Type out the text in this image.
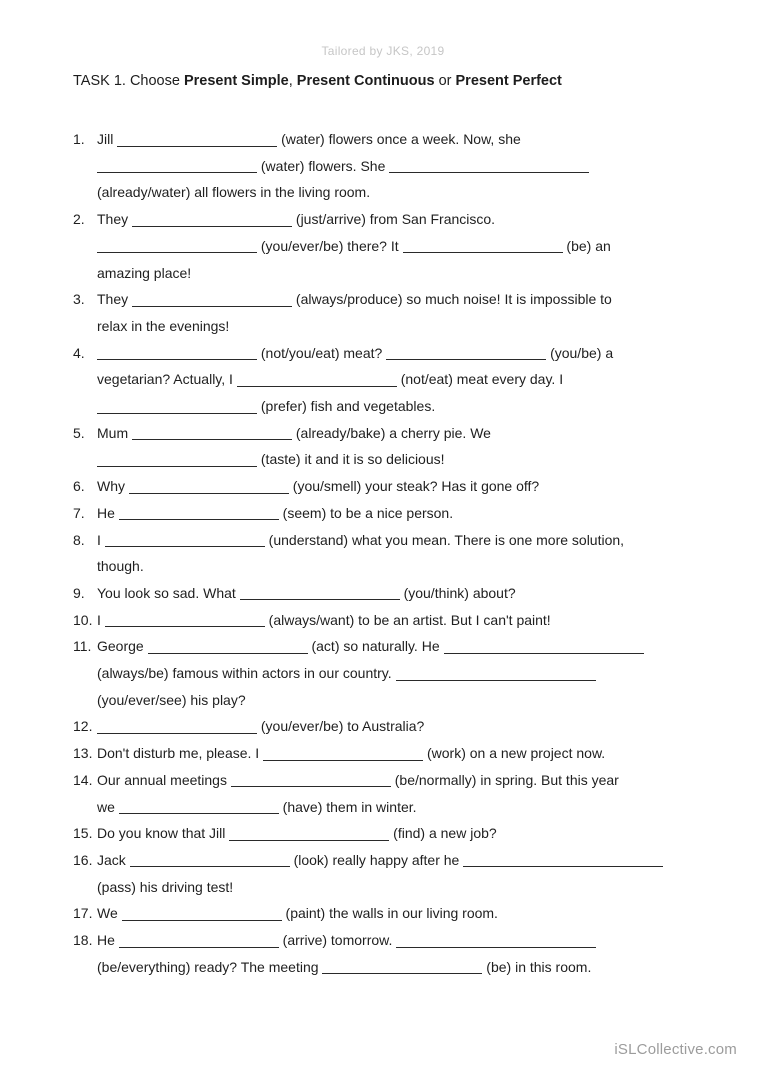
Tailored by JKS, 2019
TASK 1. Choose Present Simple, Present Continuous or Present Perfect
1. Jill	(water) flowers once a week. Now, she
(water) flowers. She
(already/water) all flowers in the living room.
2. They	(just/arrive) from San Francisco.
(you/ever/be) there? It	(be) an
amazing place!
3. They	(always/produce) so much noise! It is impossible to
relax in the evenings!
4.	(not/you/eat) meat?	(you/be) a
vegetarian? Actually, I	(not/eat) meat every day. I
(prefer) fish and vegetables.
5. Mum	(already/bake) a cherry pie. We
(taste) it and it is so delicious!
6. Why	(you/smell) your steak? Has it gone off?
7. He	(seem) to be a nice person.
8. I	(understand) what you mean. There is one more solution,
though.
9. You look so sad. What	(you/think) about?
10. I	(always/want) to be an artist. But I can't paint!
11. George	(act) so naturally. He
(always/be) famous within actors in our country.
(you/ever/see) his play?
12.	(you/ever/be) to Australia?
13. Don't disturb me, please. I	(work) on a new project now.
14. Our annual meetings	(be/normally) in spring. But this year
we	(have) them in winter.
15. Do you know that Jill	(find) a new job?
16. Jack	(look) really happy after he
(pass) his driving test!
17. We	(paint) the walls in our living room.
18. He	(arrive) tomorrow.
(be/everything) ready? The meeting	(be) in this room.
iSLCollective.com
